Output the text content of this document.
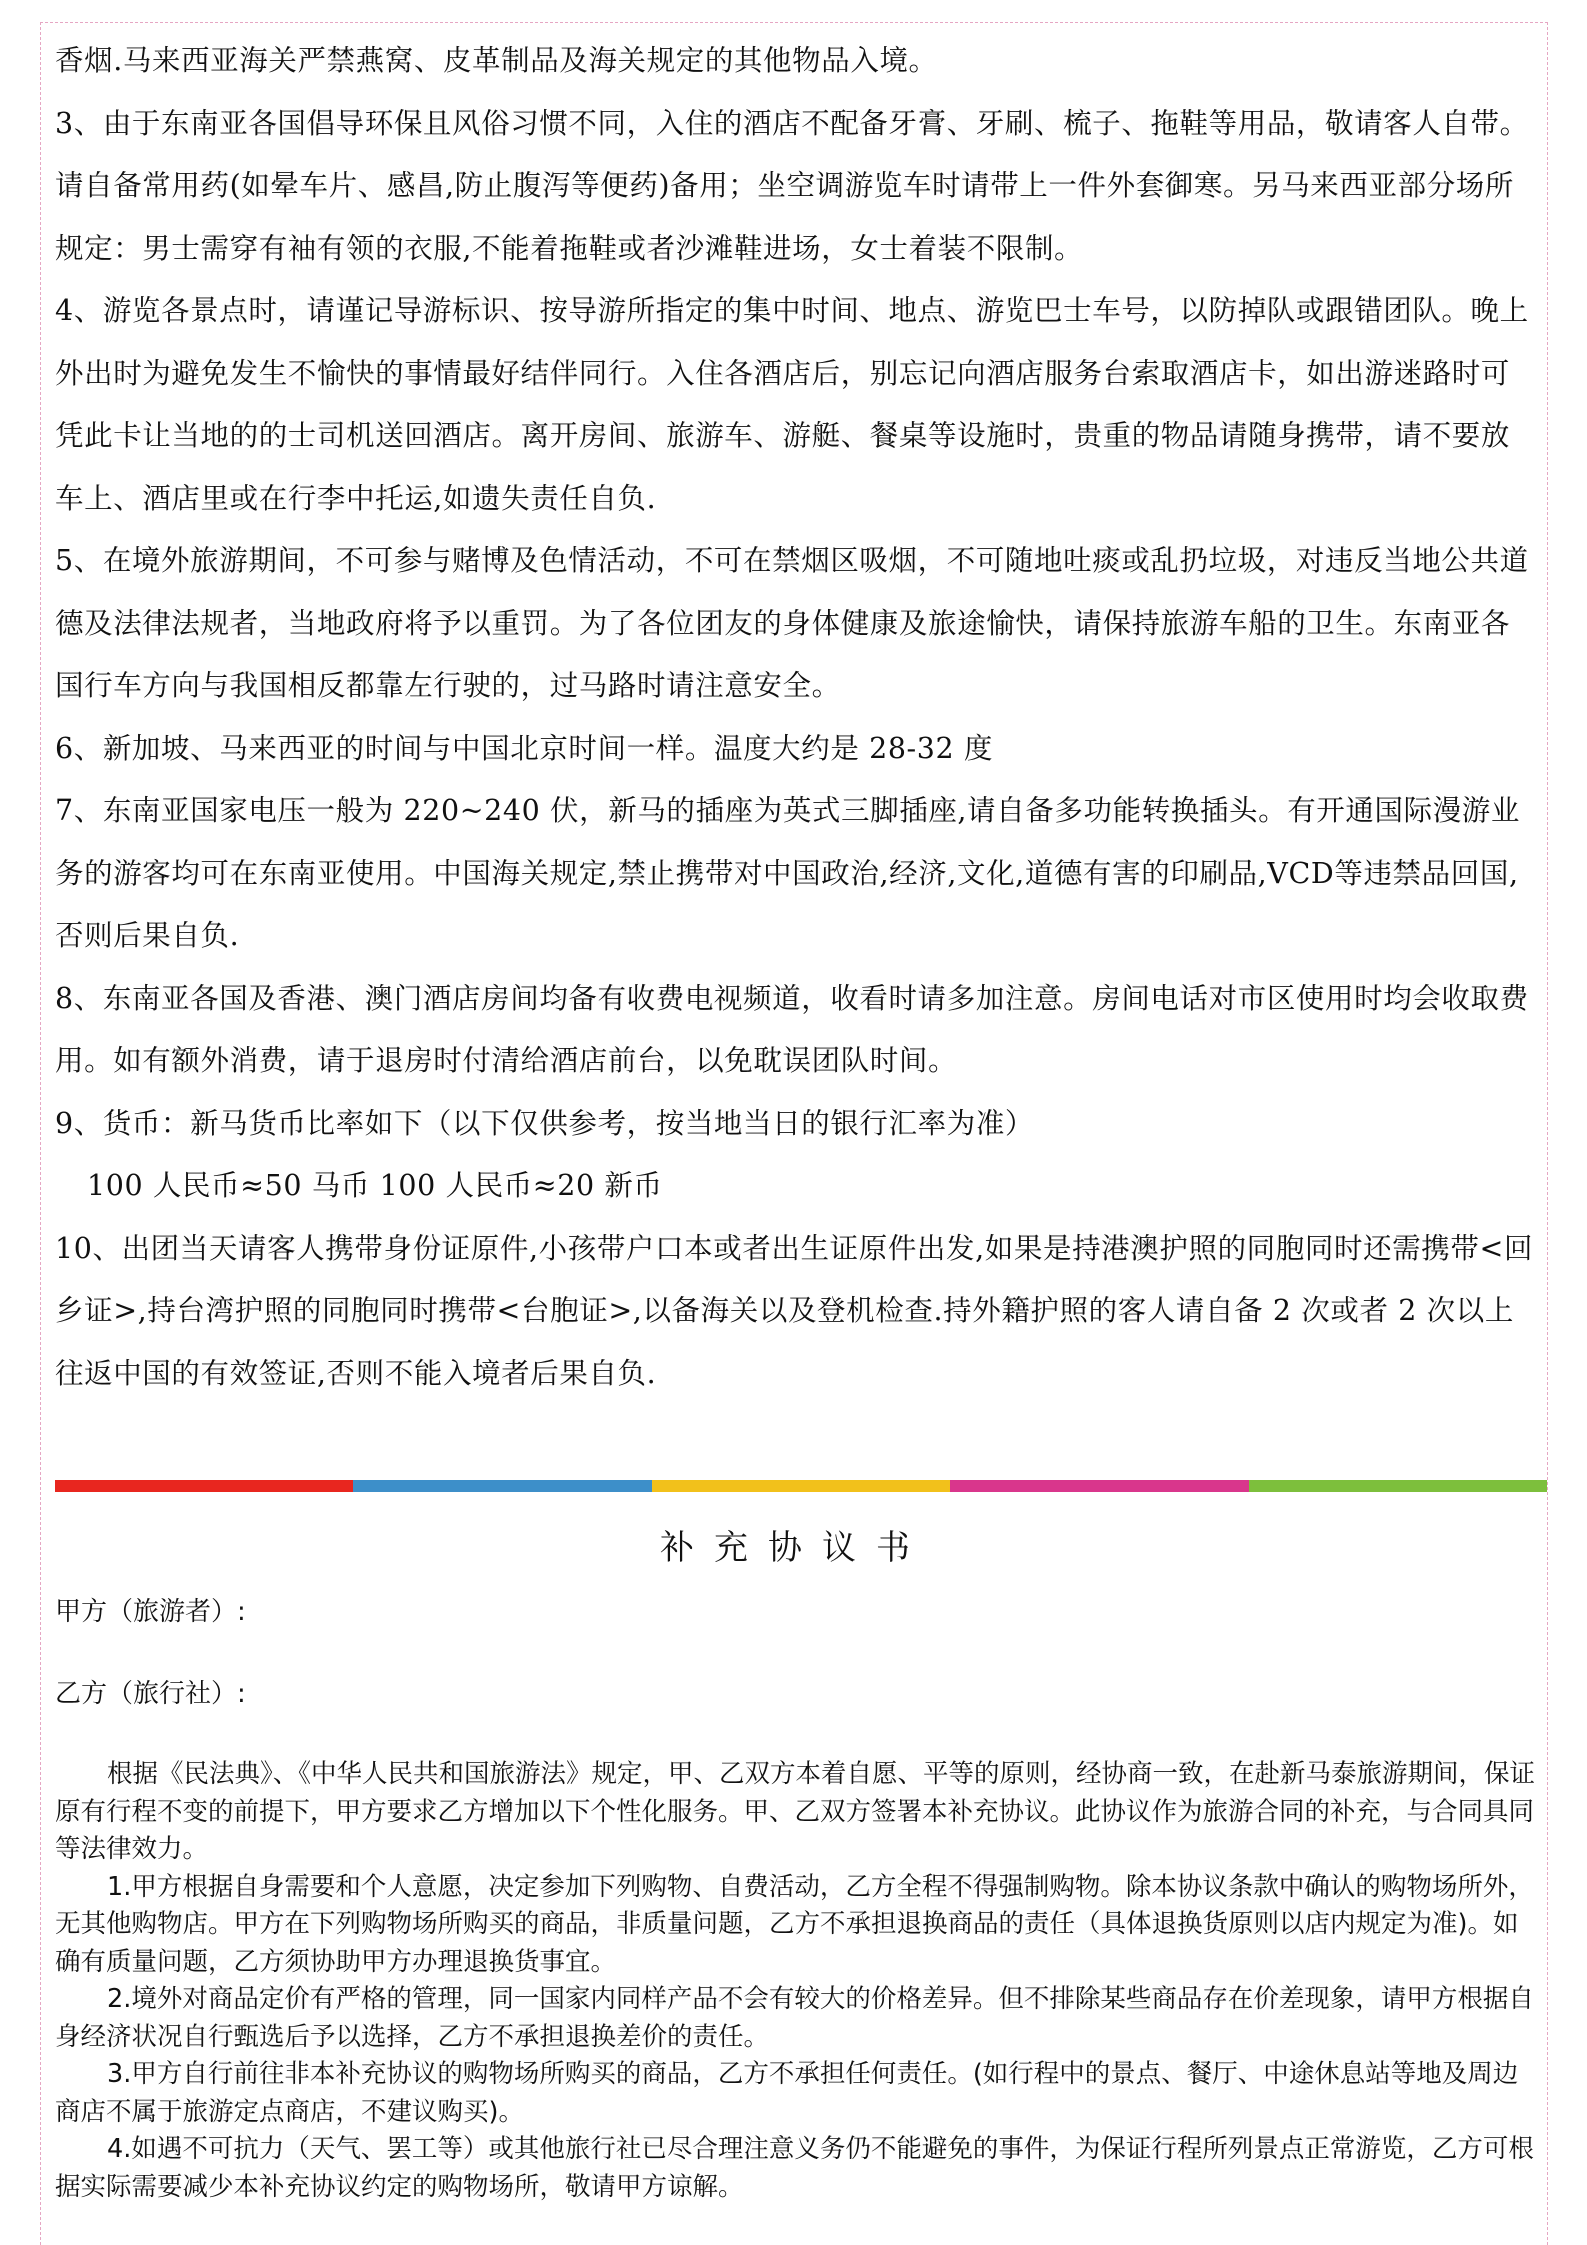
香烟.马来西亚海关严禁燕窝、皮革制品及海关规定的其他物品入境。

3、由于东南亚各国倡导环保且风俗习惯不同，入住的酒店不配备牙膏、牙刷、梳子、拖鞋等用品，敬请客人自带。请自备常用药(如晕车片、感昌,防止腹泻等便药)备用；坐空调游览车时请带上一件外套御寒。另马来西亚部分场所规定：男士需穿有袖有领的衣服,不能着拖鞋或者沙滩鞋进场，女士着装不限制。

4、游览各景点时，请谨记导游标识、按导游所指定的集中时间、地点、游览巴士车号，以防掉队或跟错团队。晚上外出时为避免发生不愉快的事情最好结伴同行。入住各酒店后，别忘记向酒店服务台索取酒店卡，如出游迷路时可凭此卡让当地的的士司机送回酒店。离开房间、旅游车、游艇、餐桌等设施时，贵重的物品请随身携带，请不要放车上、酒店里或在行李中托运,如遗失责任自负.

5、在境外旅游期间，不可参与赌博及色情活动，不可在禁烟区吸烟，不可随地吐痰或乱扔垃圾，对违反当地公共道德及法律法规者，当地政府将予以重罚。为了各位团友的身体健康及旅途愉快，请保持旅游车船的卫生。东南亚各国行车方向与我国相反都靠左行驶的，过马路时请注意安全。

6、新加坡、马来西亚的时间与中国北京时间一样。温度大约是 28-32 度

7、东南亚国家电压一般为 220~240 伏，新马的插座为英式三脚插座,请自备多功能转换插头。有开通国际漫游业务的游客均可在东南亚使用。中国海关规定,禁止携带对中国政治,经济,文化,道德有害的印刷品,VCD等违禁品回国,否则后果自负.

8、东南亚各国及香港、澳门酒店房间均备有收费电视频道，收看时请多加注意。房间电话对市区使用时均会收取费用。如有额外消费，请于退房时付清给酒店前台，以免耽误团队时间。

9、货币：新马货币比率如下（以下仅供参考，按当地当日的银行汇率为准）

100 人民币≈50 马币 100 人民币≈20 新币

10、出团当天请客人携带身份证原件,小孩带户口本或者出生证原件出发,如果是持港澳护照的同胞同时还需携带<回乡证>,持台湾护照的同胞同时携带<台胞证>,以备海关以及登机检查.持外籍护照的客人请自备 2 次或者 2 次以上往返中国的有效签证,否则不能入境者后果自负.

补充协议书

甲方（旅游者）:

乙方（旅行社）:

根据《民法典》、《中华人民共和国旅游法》规定，甲、乙双方本着自愿、平等的原则，经协商一致，在赴新马泰旅游期间，保证原有行程不变的前提下，甲方要求乙方增加以下个性化服务。甲、乙双方签署本补充协议。此协议作为旅游合同的补充，与合同具同等法律效力。

1.甲方根据自身需要和个人意愿，决定参加下列购物、自费活动，乙方全程不得强制购物。除本协议条款中确认的购物场所外，无其他购物店。甲方在下列购物场所购买的商品，非质量问题，乙方不承担退换商品的责任（具体退换货原则以店内规定为准)。如确有质量问题，乙方须协助甲方办理退换货事宜。

2.境外对商品定价有严格的管理，同一国家内同样产品不会有较大的价格差异。但不排除某些商品存在价差现象，请甲方根据自身经济状况自行甄选后予以选择，乙方不承担退换差价的责任。

3.甲方自行前往非本补充协议的购物场所购买的商品，乙方不承担任何责任。(如行程中的景点、餐厅、中途休息站等地及周边商店不属于旅游定点商店，不建议购买)。

4.如遇不可抗力（天气、罢工等）或其他旅行社已尽合理注意义务仍不能避免的事件，为保证行程所列景点正常游览，乙方可根据实际需要减少本补充协议约定的购物场所，敬请甲方谅解。
